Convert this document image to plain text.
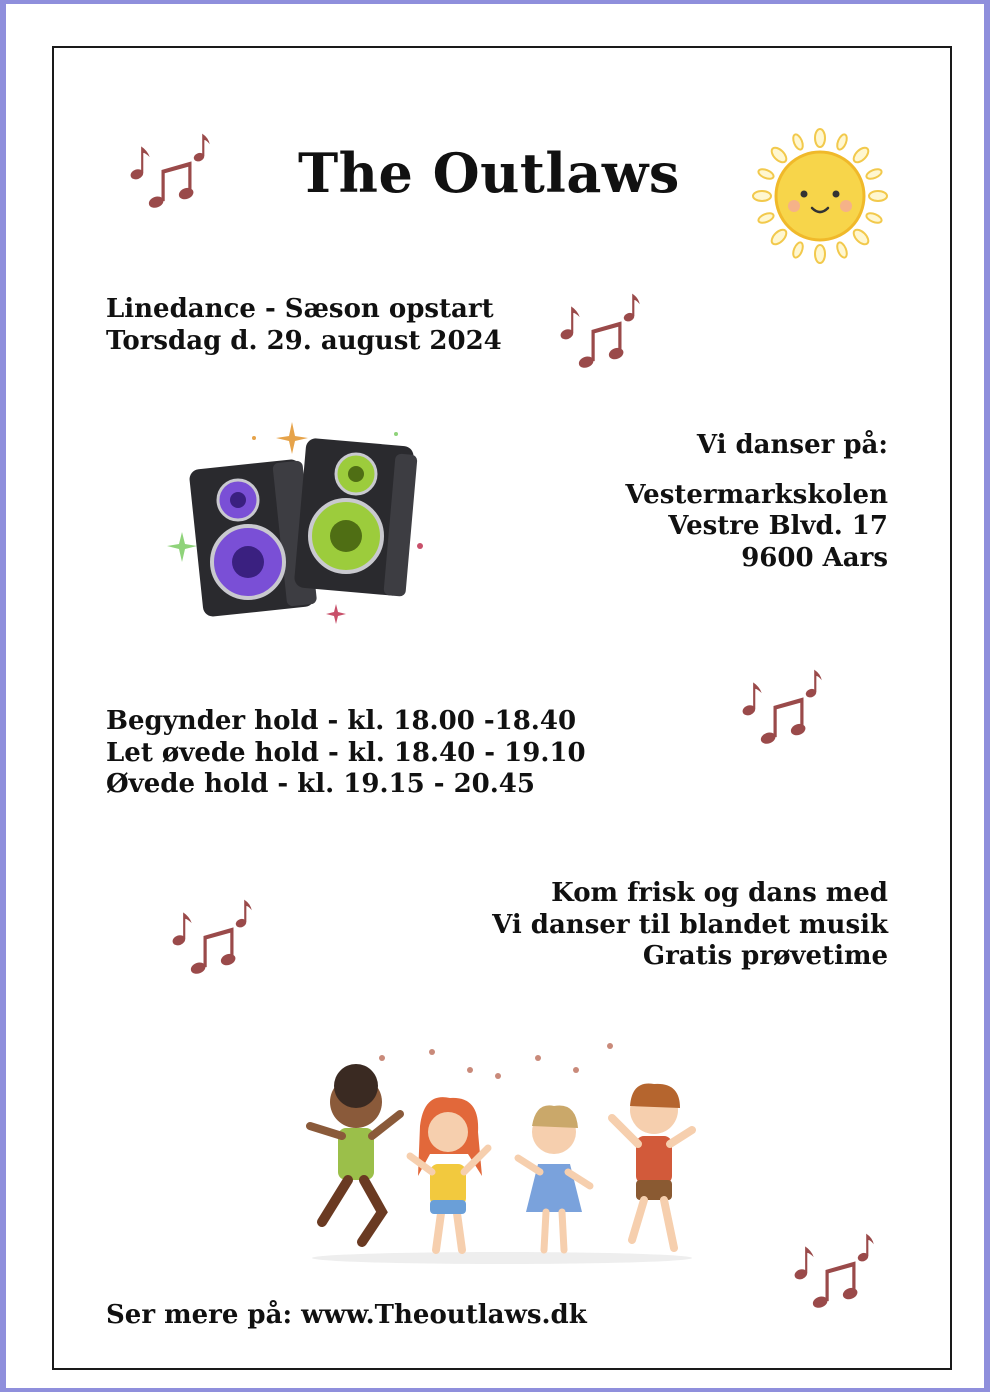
The Outlaws
Linedance - Sæson opstart
Torsdag d. 29. august 2024
Vi danser på:
Vestermarkskolen
Vestre Blvd. 17
9600 Aars
Begynder hold - kl. 18.00 -18.40
Let øvede hold - kl. 18.40 - 19.10
Øvede hold - kl. 19.15 - 20.45
Kom frisk og dans med
Vi danser til blandet musik
Gratis prøvetime
Ser mere på: www.Theoutlaws.dk
